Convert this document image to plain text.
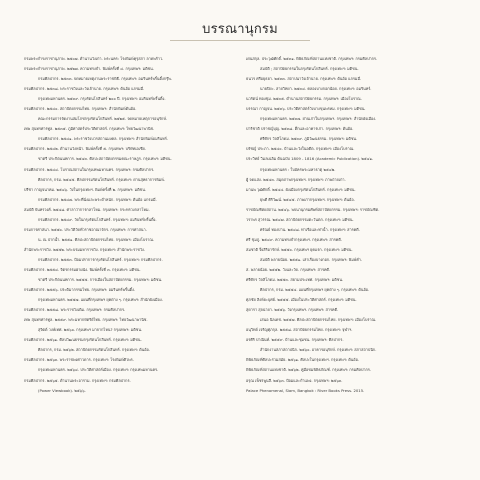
บรรณานุกรม
กรมพระดำรงราชานุภาพ. ๒๕๐๗. ตำนานวังเก่า. พระนคร: โรงพิมพ์คุรุสภา ลาดพร้าว.
กรมพระดำรงราชานุภาพ. ๒๕๒๗. ความทรงจำ. พิมพ์ครั้งที่ ๔. กรุงเทพฯ: มติชน.
กรมศิลปากร. ๒๕๓๓. จดหมายเหตุงานพระราชพิธี. กรุงเทพฯ: อมรินทร์พริ้นติ้งกรุ๊พ.
กรมศิลปากร. ๒๕๓๘. พระราชวังและวังเจ้านาย. กรุงเทพฯ: ต้นอ้อ แกรมมี่.
กรุงเทพมหานคร. ๒๕๓๙. กรุงรัตนโกสินทร์ ๒๐๐ ปี. กรุงเทพฯ: อมรินทร์พริ้นติ้ง.
กรมศิลปากร. ๒๕๔๐. สถาปัตยกรรมไทย. กรุงเทพฯ: สำนักพิมพ์ต้นอ้อ.
คณะกรรมการจัดงานสมโภชกรุงรัตนโกสินทร์. ๒๕๒๕. จดหมายเหตุการอนุรักษ์.
เทพ สุนทรศารทูล. ๒๕๓๕. ภูมิศาสตร์ประวัติศาสตร์. กรุงเทพฯ: ไทยวัฒนาพานิช.
กรมศิลปากร. ๒๕๔๑. พระราชวังบวรสถานมงคล. กรุงเทพฯ: สำนักพิมพ์อมรินทร์.
กรมศิลปากร. ๒๕๔๒. ตำนานวังหน้า. พิมพ์ครั้งที่ ๕. กรุงเทพฯ: บริษัทเอเชีย.
ชาตรี ประกิตนนทการ. ๒๕๔๓. ศิลปะสถาปัตยกรรมคณะราษฎร. กรุงเทพฯ: มติชน.
กรมศิลปากร. ๒๕๔๔. โบราณสถานในกรุงเทพมหานคร. กรุงเทพฯ: กรมศิลปากร.
ศิลปากร, กรม. ๒๕๔๕. ศิลปกรรมรัตนโกสินทร์. กรุงเทพฯ: ด่านสุทธาการพิมพ์.
ปรีชา กาญจนาคม. ๒๕๔๖. วังในกรุงเทพฯ. พิมพ์ครั้งที่ ๒. กรุงเทพฯ: มติชน.
กรมศิลปากร. ๒๕๔๗. พระที่นั่งและพระตำหนัก. กรุงเทพฯ: ต้นอ้อ แกรมมี่.
สมบัติ จันทรวงศ์. ๒๕๔๘. ศาลาว่าการกลาโหม. กรุงเทพฯ: กระทรวงกลาโหม.
กรมศิลปากร. ๒๕๔๙. วัดในกรุงรัตนโกสินทร์. กรุงเทพฯ: อมรินทร์พริ้นติ้ง.
กรมการศาสนา. ๒๕๕๐. ประวัติวัดทั่วราชอาณาจักร. กรุงเทพฯ: การศาสนา.
น. ณ ปากน้ำ. ๒๕๕๑. ศิลปะสถาปัตยกรรมไทย. กรุงเทพฯ: เมืองโบราณ.
สำนักพระราชวัง. ๒๕๕๒. พระบรมมหาราชวัง. กรุงเทพฯ: สำนักพระราชวัง.
กรมศิลปากร. ๒๕๕๓. ป้อมปราการกรุงรัตนโกสินทร์. กรุงเทพฯ: กรมศิลปากร.
กรมศิลปากร. ๒๕๕๔. จิตรกรรมฝาผนัง. พิมพ์ครั้งที่ ๓. กรุงเทพฯ: มติชน.
ชาตรี ประกิตนนทการ. ๒๕๕๕. การเมืองในสถาปัตยกรรม. กรุงเทพฯ: มติชน.
กรมศิลปากร. ๒๕๕๖. ประติมากรรมไทย. กรุงเทพฯ: อมรินทร์พริ้นติ้ง.
กรุงเทพมหานคร. ๒๕๕๗. แผนที่กรุงเทพฯ ยุคต่าง ๆ. กรุงเทพฯ: สำนักผังเมือง.
กรมศิลปากร. ๒๕๕๘. พระราชวังเดิม. กรุงเทพฯ: กรมศิลปากร.
เทพ สุนทรศารทูล. ๒๕๕๙. พระมหากษัตริย์ไทย. กรุงเทพฯ: ไทยวัฒนาพานิช.
สุจิตต์ วงษ์เทศ. ๒๕๖๐. กรุงเทพฯ มาจากไหน? กรุงเทพฯ: มติชน.
กรมศิลปากร. ๒๕๖๑. ศิลปวัฒนธรรมกรุงรัตนโกสินทร์. กรุงเทพฯ: มติชน.
ศิลปากร, กรม. ๒๕๖๒. สถาปัตยกรรมรัตนโกสินทร์. กรุงเทพฯ: ต้นอ้อ.
กรมศิลปากร. ๒๕๖๓. พระราชพงศาวดาร. กรุงเทพฯ: โรงพิมพ์ศิวพร.
กรุงเทพมหานคร. ๒๕๖๔. ประวัติศาสตร์เมือง. กรุงเทพฯ: กรุงเทพมหานคร.
กรมศิลปากร. ๒๕๖๕. ตำนานพระอาราม. กรุงเทพฯ: กรมศิลปากร.
(Power Viewbook). ๒๕๖๖.
เด่นสกุล. ประวุฒิศักดิ์. ๒๕๓๑. พิพิธภัณฑ์สถานแห่งชาติ. กรุงเทพฯ: กรมศิลปากร.
สมบัติ ; สถาปัตยกรรมในกรุงรัตนโกสินทร์. กรุงเทพฯ: มติชน.
ธนวร ศรีอยุธยา. ๒๕๓๓. สถาปนาวังเจ้านาย. กรุงเทพฯ: ต้นอ้อ แกรมมี่.
นายปิยะ. สายวิทยา. ๒๕๓๔. คลองบางกอกน้อย. กรุงเทพฯ: อมรินทร์.
นวรัตน์ ทองชุม. ๒๕๓๕. ตำนานสถาปัตยกรรม. กรุงเทพฯ: เมืองโบราณ.
บรรณา กาญจน. ๒๕๓๖. ประวัติศาสตร์วังบางขุนพรหม. กรุงเทพฯ: มติชน.
กรุงเทพมหานคร. ๒๕๓๗. ย่านเก่าในกรุงเทพฯ. กรุงเทพฯ: สำนักผังเมือง.
ปาริชาติ ปราชญ์บุญ. ๒๕๓๘. ตึกและอาคารเก่า. กรุงเทพฯ: ต้นอ้อ.
ศรีศักร วัลลิโภดม. ๒๕๓๙. ภูมิวัฒนธรรม. กรุงเทพฯ: มติชน.
ปรัชญ์ ประภา. ๒๕๔๐. บ้านและวังในอดีต. กรุงเทพฯ: เมืองโบราณ.
ประวิทย์ วิมลเฉลิม ต้นฉบับ 1809 - 1816 (Academic Publication). ๒๕๔๑.
กรุงเทพมหานคร : ใบอัครพระมหาธาตุ ๒๕๔๒.
ผู้ จดแสง. ๒๕๔๓. สมุดภาพกรุงเทพฯ. กรุงเทพฯ: ภาพถ่ายเก่า.
มานพ วุฒิศักดิ์. ๒๕๔๔. ผังเมืองกรุงรัตนโกสินทร์. กรุงเทพฯ: มติชน.
ยุพดี ศิริวัฒน์. ๒๕๔๕. ภาพเก่ากรุงเทพฯ. กรุงเทพฯ: ต้นอ้อ.
ราชบัณฑิตยสถาน. ๒๕๔๖. พจนานุกรมศัพท์สถาปัตยกรรม. กรุงเทพฯ: ราชบัณฑิต.
วราพร สุวรรณ. ๒๕๔๗. สถาปัตยกรรมตะวันตก. กรุงเทพฯ: มติชน.
ศรัณย์ ทองปาน. ๒๕๔๘. ท่าเรือและท่าน้ำ. กรุงเทพฯ: สารคดี.
ศรี ชุมภู. ๒๕๔๙. ความทรงจำกรุงเทพฯ. กรุงเทพฯ: สารคดี.
สมชาติ จึงสิริอารักษ์. ๒๕๕๐. กรุงเทพฯ ยุคแรก. กรุงเทพฯ: มติชน.
สมบัติ พลายน้อย. ๒๕๕๑. เล่าเรื่องบางกอก. กรุงเทพฯ: พิมพ์คำ.
ส. พลายน้อย. ๒๕๕๒. วังและวัด. กรุงเทพฯ: สารคดี.
ศรีศักร วัลลิโภดม. ๒๕๕๓. สยามประเทศ. กรุงเทพฯ: มติชน.
ศิลปากร, กรม. ๒๕๕๔. แผนที่กรุงเทพฯ ยุคต่าง ๆ. กรุงเทพฯ: ต้นอ้อ.
ศุภชัย สิงห์ยะบุศย์. ๒๕๕๕. เมืองในประวัติศาสตร์. กรุงเทพฯ: มติชน.
สุดารา สุจฉายา. ๒๕๕๖. วังกรุงเทพฯ. กรุงเทพฯ: สารคดี.
เสนอ นิลเดช. ๒๕๕๗. ศิลปะสถาปัตยกรรมไทย. กรุงเทพฯ: เมืองโบราณ.
อนุวิทย์ เจริญศุภกุล. ๒๕๕๘. สถาปัตยกรรมไทย. กรุงเทพฯ: จุฬาฯ.
อรศิริ ปาณินท์. ๒๕๕๙. บ้านและชุมชน. กรุงเทพฯ: ศิลปากร.
สำนักงานสภาสถาปนิก. ๒๕๖๐. อาคารอนุรักษ์. กรุงเทพฯ: สภาสถาปนิก.
พิพิธภัณฑ์ศิลปะร่วมสมัย. ๒๕๖๑. ศิลปะในกรุงเทพฯ. กรุงเทพฯ: ต้นอ้อ.
พิพิธภัณฑ์สถานแห่งชาติ. ๒๕๖๒. คู่มือชมพิพิธภัณฑ์. กรุงเทพฯ: กรมศิลปากร.
อรุณ เพ็ชรพูนสี. ๒๕๖๓. ป้อมและกำแพง. กรุงเทพฯ: ๒๕๖๓.
Palace Phenomenal, Siam, Bangkok : River Books Press. 2015.
